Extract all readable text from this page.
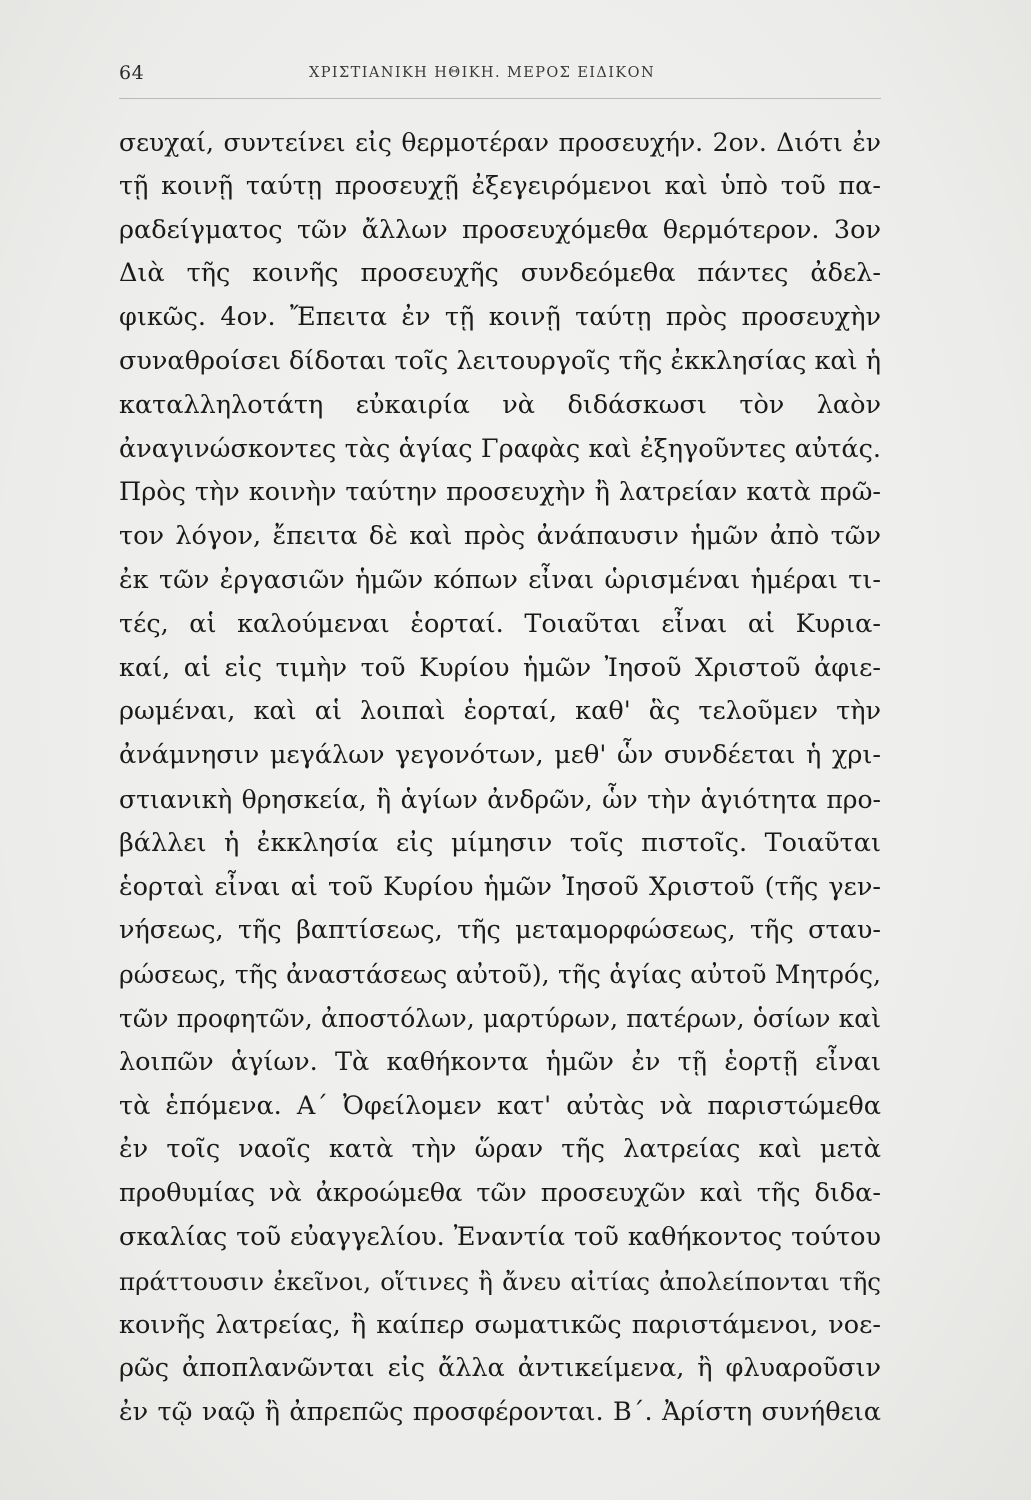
64	ΧΡΙΣΤΙΑΝΙΚΗ ΗΘΙΚΗ. ΜΕΡΟΣ ΕΙΔΙΚΟΝ
σευχαί, συντείνει εἰς θερμοτέραν προσευχήν. 2ον. Διότι ἐν
τῇ κοινῇ ταύτῃ προσευχῇ ἐξεγειρόμενοι καὶ ὑπὸ τοῦ πα-
ραδείγματος τῶν ἄλλων προσευχόμεθα θερμότερον. 3ον
Διὰ τῆς κοινῆς προσευχῆς συνδεόμεθα πάντες ἀδελ-
φικῶς. 4ον. Ἔπειτα ἐν τῇ κοινῇ ταύτῃ πρὸς προσευχὴν
συναθροίσει δίδοται τοῖς λειτουργοῖς τῆς ἐκκλησίας καὶ ἡ
καταλληλοτάτη εὐκαιρία νὰ διδάσκωσι τὸν λαὸν
ἀναγινώσκοντες τὰς ἁγίας Γραφὰς καὶ ἐξηγοῦντες αὐτάς.
Πρὸς τὴν κοινὴν ταύτην προσευχὴν ἢ λατρείαν κατὰ πρῶ-
τον λόγον, ἔπειτα δὲ καὶ πρὸς ἀνάπαυσιν ἡμῶν ἀπὸ τῶν
ἐκ τῶν ἐργασιῶν ἡμῶν κόπων εἶναι ὡρισμέναι ἡμέραι τι-
τές, αἱ καλούμεναι ἑορταί. Τοιαῦται εἶναι αἱ Κυρια-
καί, αἱ εἰς τιμὴν τοῦ Κυρίου ἡμῶν Ἰησοῦ Χριστοῦ ἀφιε-
ρωμέναι, καὶ αἱ λοιπαὶ ἑορταί, καθ' ἃς τελοῦμεν τὴν
ἀνάμνησιν μεγάλων γεγονότων, μεθ' ὧν συνδέεται ἡ χρι-
στιανικὴ θρησκεία, ἢ ἁγίων ἀνδρῶν, ὧν τὴν ἁγιότητα προ-
βάλλει ἡ ἐκκλησία εἰς μίμησιν τοῖς πιστοῖς. Τοιαῦται
ἑορταὶ εἶναι αἱ τοῦ Κυρίου ἡμῶν Ἰησοῦ Χριστοῦ (τῆς γεν-
νήσεως, τῆς βαπτίσεως, τῆς μεταμορφώσεως, τῆς σταυ-
ρώσεως, τῆς ἀναστάσεως αὐτοῦ), τῆς ἁγίας αὐτοῦ Μητρός,
τῶν προφητῶν, ἀποστόλων, μαρτύρων, πατέρων, ὁσίων καὶ
λοιπῶν ἁγίων. Τὰ καθήκοντα ἡμῶν ἐν τῇ ἑορτῇ εἶναι
τὰ ἑπόμενα. Α΄ Ὀφείλομεν κατ' αὐτὰς νὰ παριστώμεθα
ἐν τοῖς ναοῖς κατὰ τὴν ὥραν τῆς λατρείας καὶ μετὰ
προθυμίας νὰ ἀκροώμεθα τῶν προσευχῶν καὶ τῆς διδα-
σκαλίας τοῦ εὐαγγελίου. Ἐναντία τοῦ καθήκοντος τούτου
πράττουσιν ἐκεῖνοι, οἵτινες ἢ ἄνευ αἰτίας ἀπολείπονται τῆς
κοινῆς λατρείας, ἢ καίπερ σωματικῶς παριστάμενοι, νοε-
ρῶς ἀποπλανῶνται εἰς ἄλλα ἀντικείμενα, ἢ φλυαροῦσιν
ἐν τῷ ναῷ ἢ ἀπρεπῶς προσφέρονται. Β΄. Ἀρίστη συνήθεια
